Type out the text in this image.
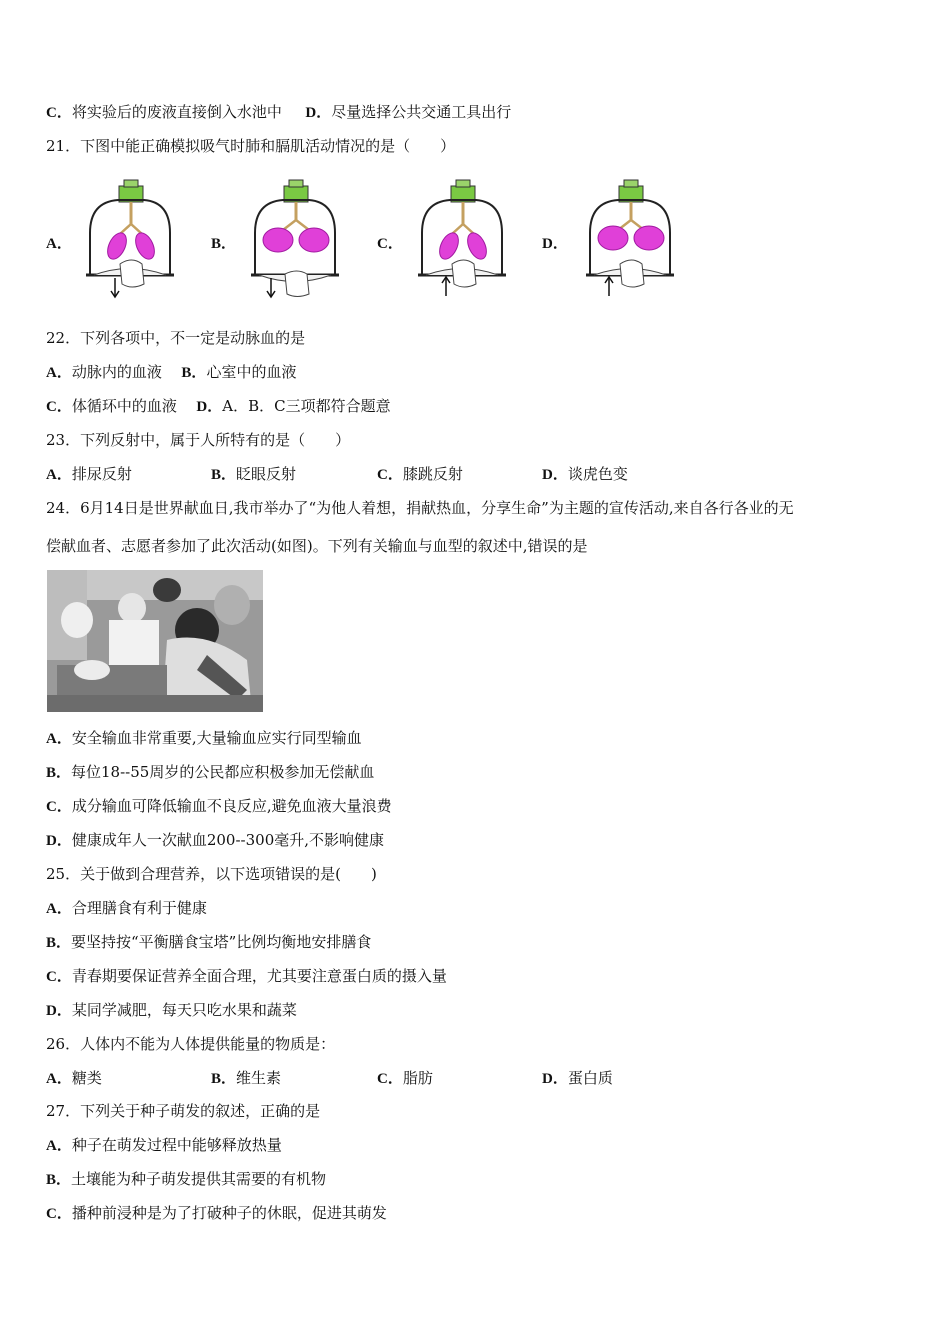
C．将实验后的废液直接倒入水池中 D．尽量选择公共交通工具出行
21．下图中能正确模拟吸气时肺和膈肌活动情况的是（　　）
A．	B．	C．	D．
22．下列各项中，不一定是动脉血的是
A．动脉内的血液 B．心室中的血液
C．体循环中的血液 D．A．B．C三项都符合题意
23．下列反射中，属于人所特有的是（　　）
A．排尿反射	B．眨眼反射	C．膝跳反射	D．谈虎色变
24．6月14日是世界献血日,我市举办了“为他人着想，捐献热血，分享生命”为主题的宣传活动,来自各行各业的无
偿献血者、志愿者参加了此次活动(如图)。下列有关输血与血型的叙述中,错误的是
A．安全输血非常重要,大量输血应实行同型输血
B．每位18--55周岁的公民都应积极参加无偿献血
C．成分输血可降低输血不良反应,避免血液大量浪费
D．健康成年人一次献血200--300毫升,不影响健康
25．关于做到合理营养，以下选项错误的是(　　)
A．合理膳食有利于健康
B．要坚持按“平衡膳食宝塔”比例均衡地安排膳食
C．青春期要保证营养全面合理，尤其要注意蛋白质的摄入量
D．某同学减肥，每天只吃水果和蔬菜
26．人体内不能为人体提供能量的物质是：
A．糖类	B．维生素	C．脂肪	D．蛋白质
27．下列关于种子萌发的叙述，正确的是
A．种子在萌发过程中能够释放热量
B．土壤能为种子萌发提供其需要的有机物
C．播种前浸种是为了打破种子的休眠，促进其萌发
